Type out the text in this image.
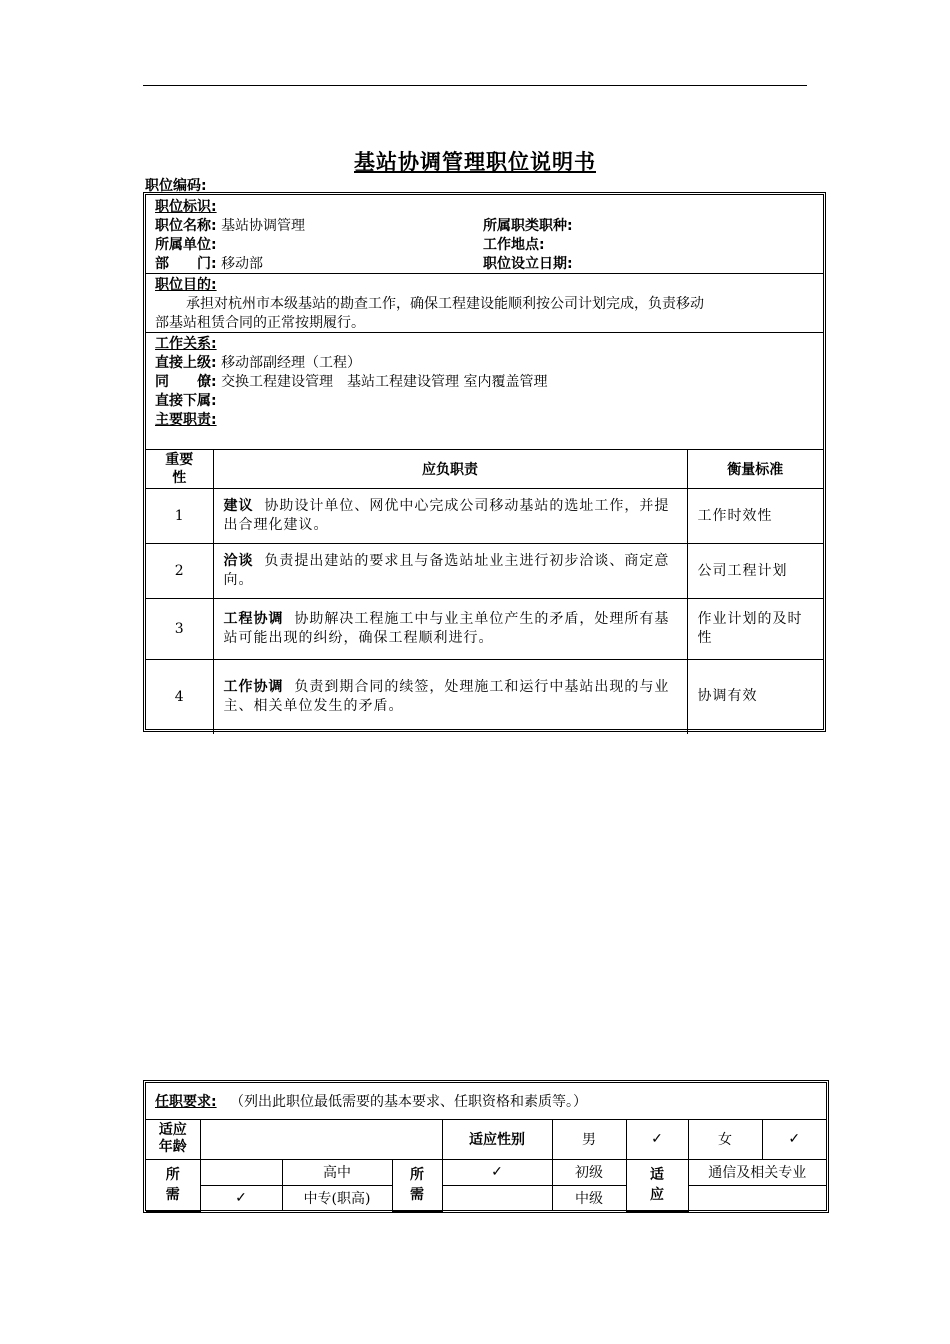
基站协调管理职位说明书
职位编码:
职位标识:
职位名称: 基站协调管理
所属单位:
部　　门: 移动部
所属职类职种:
工作地点:
职位设立日期:
职位目的:
承担对杭州市本级基站的勘查工作，确保工程建设能顺利按公司计划完成，负责移动
部基站租赁合同的正常按期履行。
工作关系:
直接上级: 移动部副经理（工程）
同　　僚: 交换工程建设管理　基站工程建设管理 室内覆盖管理
直接下属:
主要职责:
重要性	应负职责	衡量标准
1	建议 协助设计单位、网优中心完成公司移动基站的选址工作，并提出合理化建议。	工作时效性
2	洽谈 负责提出建站的要求且与备选站址业主进行初步洽谈、商定意向。	公司工程计划
3	工程协调 协助解决工程施工中与业主单位产生的矛盾，处理所有基站可能出现的纠纷，确保工程顺利进行。	作业计划的及时性
4	工作协调 负责到期合同的续签，处理施工和运行中基站出现的与业主、相关单位发生的矛盾。	协调有效
任职要求: （列出此职位最低需要的基本要求、任职资格和素质等。）								

适应年龄				适应性别	男	✓	女	✓

所需		高中	所需	✓	初级	适应	通信及相关专业	
	✓	中专(职高)			中级			
